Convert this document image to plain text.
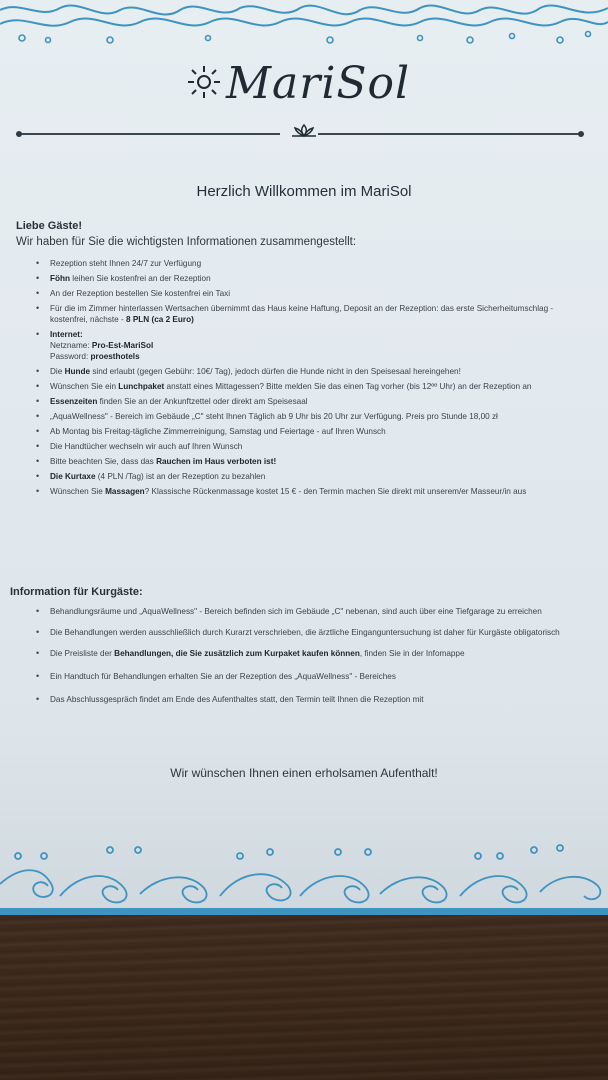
MariSol
Herzlich Willkommen im MariSol
Liebe Gäste!
Wir haben für Sie die wichtigsten Informationen zusammengestellt:
• Rezeption steht Ihnen 24/7 zur Verfügung
• Föhn leihen Sie kostenfrei an der Rezeption
• An der Rezeption bestellen Sie kostenfrei ein Taxi
• Für die im Zimmer hinterlassen Wertsachen übernimmt das Haus keine Haftung, Deposit an der Rezeption: das erste Sicherheitumschlag - kostenfrei, nächste - 8 PLN (ca 2 Euro)
• Internet:
Netzname: Pro-Est-MariSol
Password: proesthotels
• Die Hunde sind erlaubt (gegen Gebühr: 10€/ Tag), jedoch dürfen die Hunde nicht in den Speisesaal hereingehen!
• Wünschen Sie ein Lunchpaket anstatt eines Mittagessen? Bitte melden Sie das einen Tag vorher (bis 12ºº Uhr) an der Rezeption an
• Essenzeiten finden Sie an der Ankunftzettel oder direkt am Speisesaal
• „AquaWellness" - Bereich im Gebäude „C" steht Ihnen Täglich ab 9 Uhr bis 20 Uhr zur Verfügung. Preis pro Stunde 18,00 zł
• Ab Montag bis Freitag-tägliche Zimmerreinigung, Samstag und Feiertage - auf Ihren Wunsch
• Die Handtücher wechseln wir auch auf Ihren Wunsch
• Bitte beachten Sie, dass das Rauchen im Haus verboten ist!
• Die Kurtaxe (4 PLN /Tag) ist an der Rezeption zu bezahlen
• Wünschen Sie Massagen? Klassische Rückenmassage kostet 15 € - den Termin machen Sie direkt mit unserem/er Masseur/in aus
Information für Kurgäste:
• Behandlungsräume und „AquaWellness" - Bereich befinden sich im Gebäude „C" nebenan, sind auch über eine Tiefgarage zu erreichen
• Die Behandlungen werden ausschließlich durch Kurarzt verschrieben, die ärztliche Einganguntersuchung ist daher für Kurgäste obligatorisch
• Die Preisliste der Behandlungen, die Sie zusätzlich zum Kurpaket kaufen können, finden Sie in der Infomappe
• Ein Handtuch für Behandlungen erhalten Sie an der Rezeption des „AquaWellness" - Bereiches
• Das Abschlussgespräch findet am Ende des Aufenthaltes statt, den Termin teilt Ihnen die Rezeption mit
Wir wünschen Ihnen einen erholsamen Aufenthalt!
